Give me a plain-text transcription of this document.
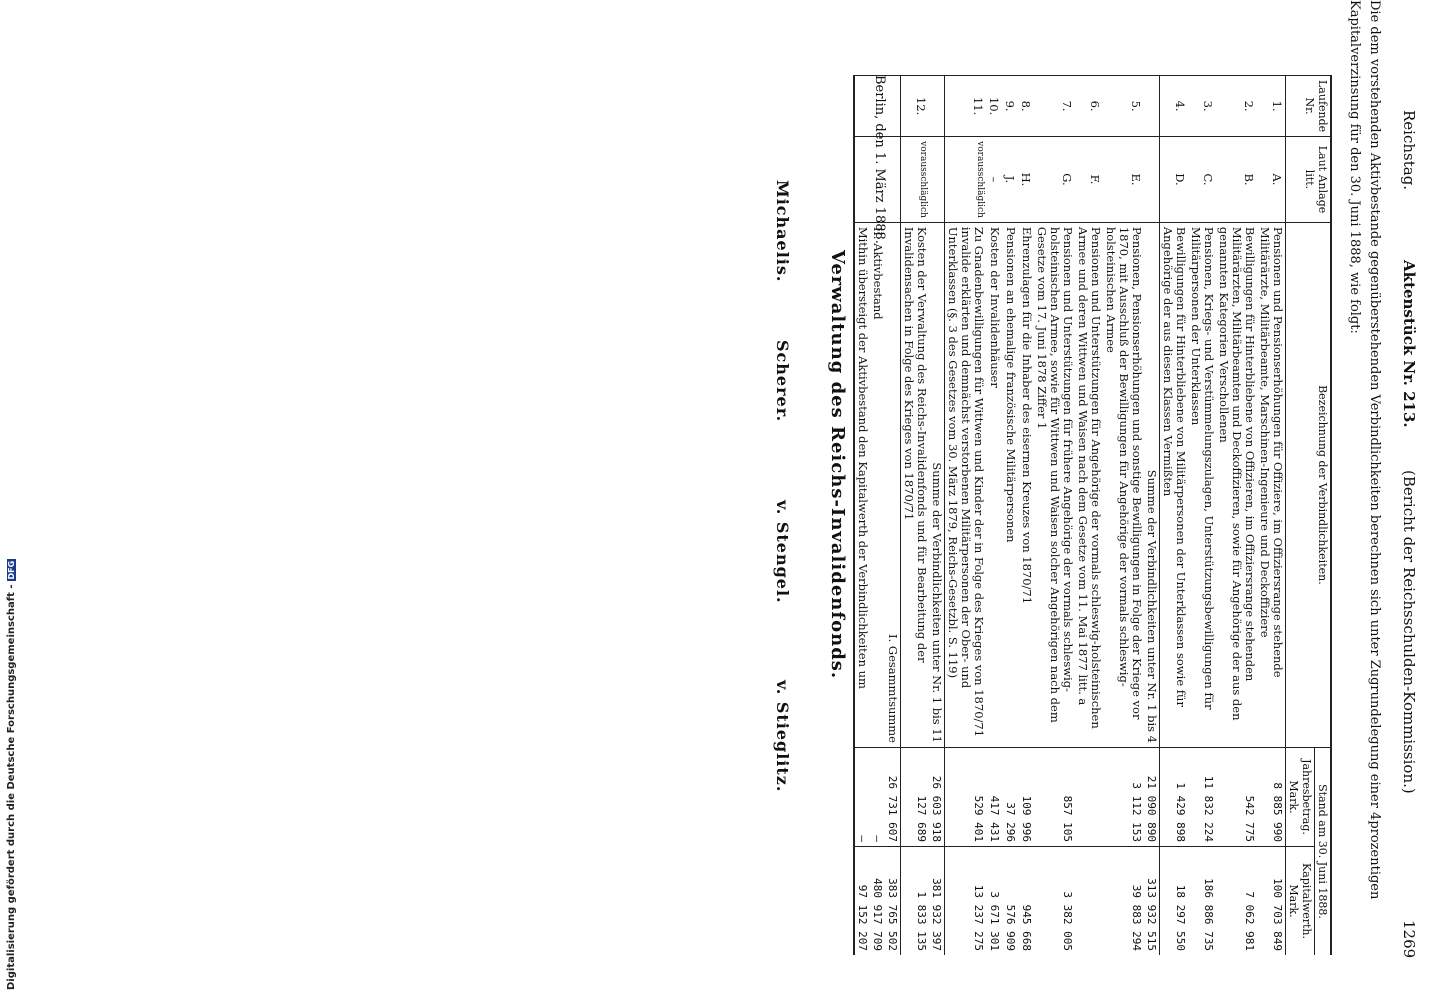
Reichstag.
Aktenstück Nr. 213.
(Bericht der Reichsschulden-Kommission.)
1269
Die dem vorstehenden Aktivbestande gegenüberstehenden Verbindlichkeiten berechnen sich unter Zugrundelegung einer 4prozentigen Kapitalverzinsung für den 30. Juni 1888, wie folgt:
Laufende Nr.	Laut Anlage litt.	Bezeichnung der Verbindlichkeiten.	Stand am 30. Juni 1888.	
			Jahresbetrag.
Mark.	Kapitalwerth.
Mark.
1.	A.	Pensionen und Pensionserhöhungen für Offiziere, im Offiziersrange stehende Militärärzte, Militärbeamte, Marschinen-Ingenieure und Deckoffiziere	8 885 990	100 703 849
2.	B.	Bewilligungen für Hinterbliebene von Offizieren, im Offiziersrange stehenden Militärärzten, Militärbeamten und Deckoffizieren, sowie für Angehörige der aus den genannten Kategorien Verschollenen	542 775	7 062 981
3.	C.	Pensionen, Kriegs- und Verstümmelungszulagen, Unterstützungsbewilligungen für Militärpersonen der Unterklassen	11 832 224	186 886 735
4.	D.	Bewilligungen für Hinterbliebene von Militärpersonen der Unterklassen sowie für Angehörige der aus diesen Klassen Vermißten	1 429 898	18 297 550
		Summe der Verbindlichkeiten unter Nr. 1 bis 4	21 090 890	313 932 515
5.	E.	Pensionen, Pensionserhöhungen und sonstige Bewilligungen in Folge der Kriege vor 1870, mit Ausschluß der Bewilligungen für Angehörige der vormals schleswig-holsteinischen Armee	3 112 153	39 883 294
6.	F.	Pensionen und Unterstützungen für Angehörige der vormals schleswig-holsteinischen Armee und deren Wittwen und Waisen nach dem Gesetze vom 11. Mai 1877 litt. a		
7.	G.	Pensionen und Unterstützungen für frühere Angehörige der vormals schleswig-holsteinischen Armee, sowie für Wittwen und Waisen solcher Angehörigen nach dem Gesetze vom 17. Juni 1878 Ziffer 1	857 105	3 382 005
8.	H.	Ehrenzulagen für die Inhaber des eisernen Kreuzes von 1870/71	109 996	945 668
9.	J.	Pensionen an ehemalige französische Militärpersonen	37 296	576 909
10.	–	Kosten der Invalidenhäuser	417 431	3 671 301
11.	vorausschläglich	Zu Gnadenbewilligungen für Wittwen und Kinder der in Folge des Krieges von 1870/71 invalide erklärten und demnächst verstorbenen Militärpersonen der Ober- und Unterklassen (§. 3 des Gesetzes vom 30. März 1879, Reichs-Gesetzbl. S. 119)	529 401	13 237 275
		Summe der Verbindlichkeiten unter Nr. 1 bis 11	26 603 918	381 932 397
12.	vorausschläglich	Kosten der Verwaltung des Reichs-Invalidenfonds und für Bearbeitung der Invalidensachen in Folge des Krieges von 1870/71	127 689	1 833 135
		I. Gesammtsumme	26 731 607	383 765 502
		II. Aktivbestand	—	480 917 709
		Mithin übersteigt der Aktivbestand den Kapitalwerth der Verbindlichkeiten um	—	97 152 207
Berlin, den 1. März 1888.
Verwaltung des Reichs-Invalidenfonds.
Michaelis.
Scherer.
v. Stengel.
v. Stieglitz.
Digitalisierung gefördert durch die Deutsche Forschungsgemeinschaft -DFG
